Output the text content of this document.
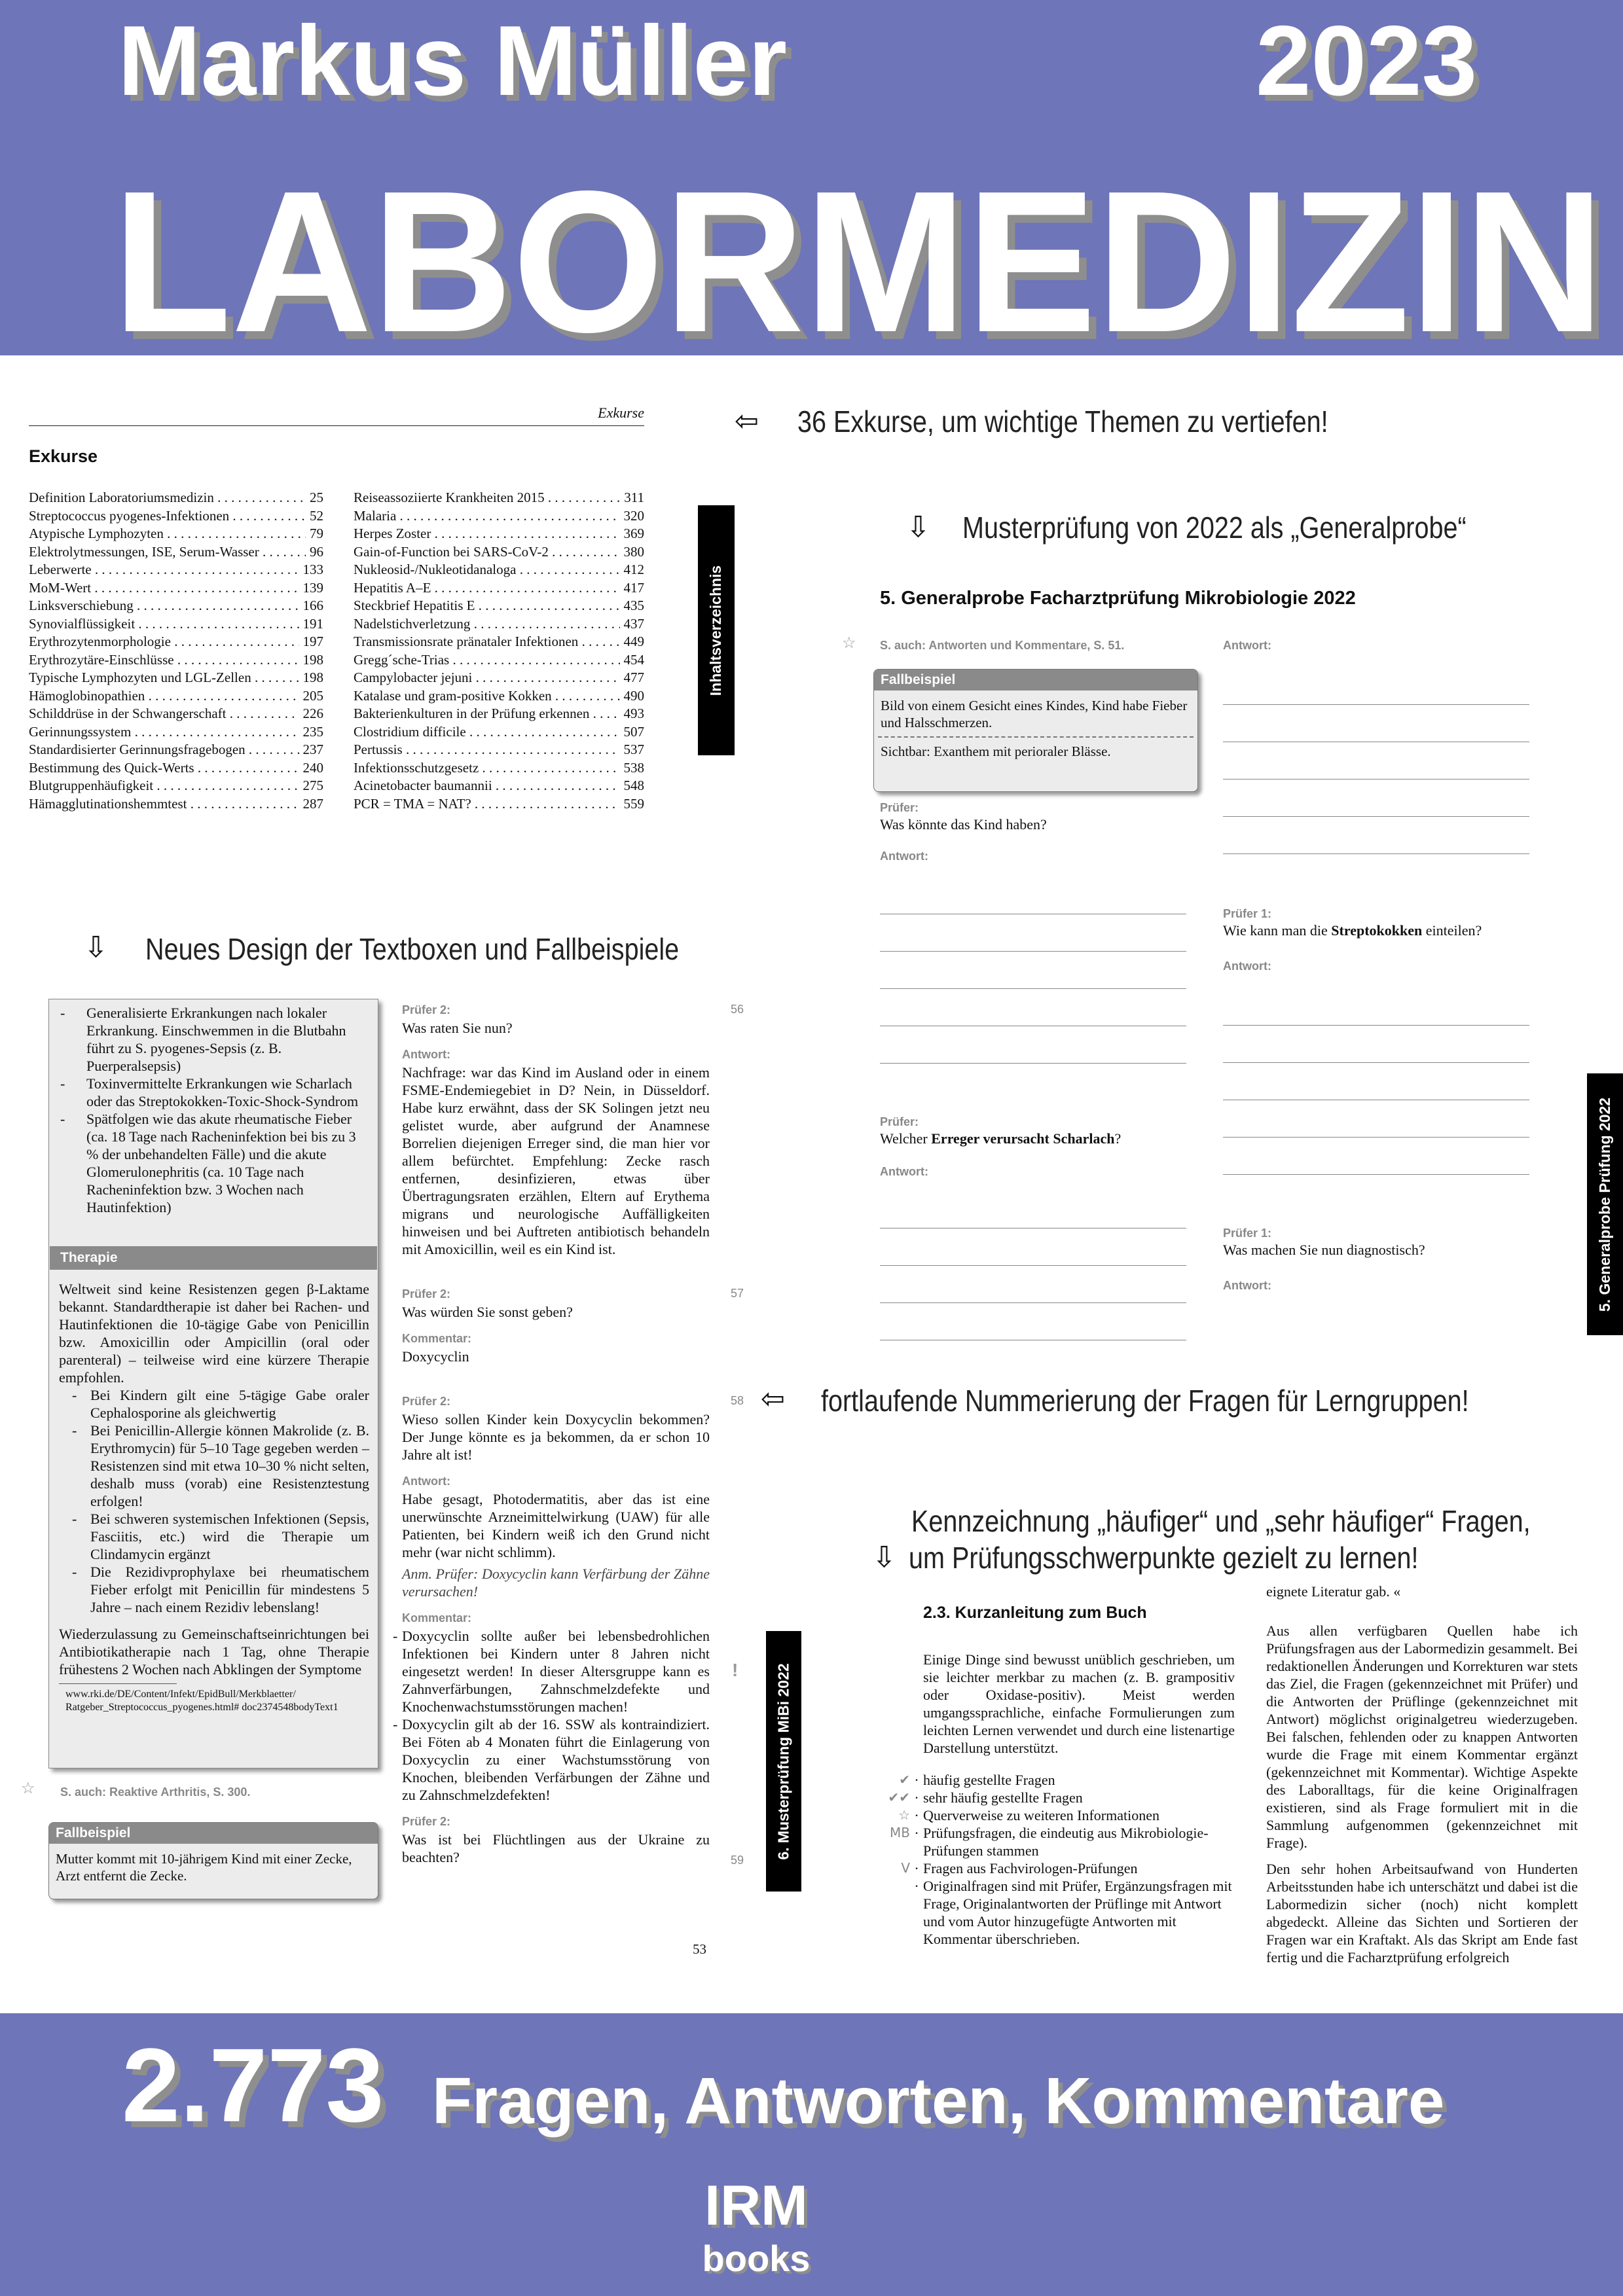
Markus Müller	2023
LABORMEDIZIN
Exkurse
Exkurse
Definition Laboratoriumsmedizin . . .	25
Streptococcus pyogenes-Infektionen . . .	52
Atypische Lymphozyten . . .	79
Elektrolytmessungen, ISE, Serum-Wasser . . .	96
Leberwerte . . .	133
MoM-Wert . . .	139
Linksverschiebung . . .	166
Synovialflüssigkeit . . .	191
Erythrozytenmorphologie . . .	197
Erythrozytäre-Einschlüsse . . .	198
Typische Lymphozyten und LGL-Zellen . . .	198
Hämoglobinopathien . . .	205
Schilddrüse in der Schwangerschaft . . .	226
Gerinnungssystem . . .	235
Standardisierter Gerinnungsfragebogen . . .	237
Bestimmung des Quick-Werts . . .	240
Blutgruppenhäufigkeit . . .	275
Hämagglutinationshemmtest . . .	287
Reiseassoziierte Krankheiten 2015 . . .	311
Malaria . . .	320
Herpes Zoster . . .	369
Gain-of-Function bei SARS-CoV-2 . . .	380
Nukleosid-/Nukleotidanaloga . . .	412
Hepatitis A–E . . .	417
Steckbrief Hepatitis E . . .	435
Nadelstichverletzung . . .	437
Transmissionsrate pränataler Infektionen . . .	449
Gregg´sche-Trias . . .	454
Campylobacter jejuni . . .	477
Katalase und gram-positive Kokken . . .	490
Bakterienkulturen in der Prüfung erkennen . . .	493
Clostridium difficile . . .	507
Pertussis . . .	537
Infektionsschutzgesetz . . .	538
Acinetobacter baumannii . . .	548
PCR = TMA = NAT? . . .	559
Inhaltsverzeichnis
⇦ 36 Exkurse, um wichtige Themen zu vertiefen!
⇩ Musterprüfung von 2022 als „Generalprobe“
5. Generalprobe Facharztprüfung Mikrobiologie 2022
☆ S. auch: Antworten und Kommentare, S. 51.	Antwort:
Fallbeispiel
Bild von einem Gesicht eines Kindes, Kind habe Fieber und Halsschmerzen.
Sichtbar: Exanthem mit perioraler Blässe.
Prüfer:
Was könnte das Kind haben?
Antwort:
Prüfer 1:
Wie kann man die Streptokokken einteilen?
Antwort:
Prüfer:
Welcher Erreger verursacht Scharlach?
Antwort:
Prüfer 1:
Was machen Sie nun diagnostisch?
Antwort:	5. Generalprobe Prüfung 2022
⇩ Neues Design der Textboxen und Fallbeispiele
-	Generalisierte Erkrankungen nach lokaler Erkrankung. Einschwemmen in die Blutbahn führt zu S. pyogenes-Sepsis (z. B. Puerperalsepsis)
-	Toxinvermittelte Erkrankungen wie Scharlach oder das Streptokokken-Toxic-Shock-Syndrom
-	Spätfolgen wie das akute rheumatische Fieber (ca. 18 Tage nach Racheninfektion bei bis zu 3 % der unbehandelten Fälle) und die akute Glomerulonephritis (ca. 10 Tage nach Racheninfektion bzw. 3 Wochen nach Hautinfektion)
Therapie
Weltweit sind keine Resistenzen gegen β-Laktame bekannt. Standardtherapie ist daher bei Rachen- und Hautinfektionen die 10-tägige Gabe von Penicillin bzw. Amoxicillin oder Ampicillin (oral oder parenteral) – teilweise wird eine kürzere Therapie empfohlen.
- Bei Kindern gilt eine 5-tägige Gabe oraler Cephalosporine als gleichwertig
- Bei Penicillin-Allergie können Makrolide (z. B. Erythromycin) für 5–10 Tage gegeben werden – Resistenzen sind mit etwa 10–30 % nicht selten, deshalb muss (vorab) eine Resistenztestung erfolgen!
- Bei schweren systemischen Infektionen (Sepsis, Fasciitis, etc.) wird die Therapie um Clindamycin ergänzt
- Die Rezidivprophylaxe bei rheumatischem Fieber erfolgt mit Penicillin für mindestens 5 Jahre – nach einem Rezidiv lebenslang!
Wiederzulassung zu Gemeinschaftseinrichtungen bei Antibiotikatherapie nach 1 Tag, ohne Therapie frühestens 2 Wochen nach Abklingen der Symptome
www.rki.de/DE/Content/Infekt/EpidBull/Merkblaetter/ Ratgeber_Streptococcus_pyogenes.html# doc2374548bodyText1
☆ S. auch: Reaktive Arthritis, S. 300.
Fallbeispiel
Mutter kommt mit 10-jährigem Kind mit einer Zecke, Arzt entfernt die Zecke.
56
Prüfer 2:
Was raten Sie nun?
Antwort:
Nachfrage: war das Kind im Ausland oder in einem FSME-Endemiegebiet in D? Nein, in Düsseldorf. Habe kurz erwähnt, dass der SK Solingen jetzt neu gelistet wurde, aber aufgrund der Anamnese Borrelien diejenigen Erreger sind, die man hier vor allem befürchtet. Empfehlung: Zecke rasch entfernen, desinfizieren, etwas über Übertragungsraten erzählen, Eltern auf Erythema migrans und neurologische Auffälligkeiten hinweisen und bei Auftreten antibiotisch behandeln mit Amoxicillin, weil es ein Kind ist.
57
Prüfer 2:
Was würden Sie sonst geben?
Kommentar:
Doxycyclin
58 ⇦ fortlaufende Nummerierung der Fragen für Lerngruppen!
Prüfer 2:
Wieso sollen Kinder kein Doxycyclin bekommen? Der Junge könnte es ja bekommen, da er schon 10 Jahre alt ist!
Antwort:
Habe gesagt, Photodermatitis, aber das ist eine unerwünschte Arzneimittelwirkung (UAW) für alle Patienten, bei Kindern weiß ich den Grund nicht mehr (war nicht schlimm).
Anm. Prüfer: Doxycyclin kann Verfärbung der Zähne verursachen!
Kommentar:
- Doxycyclin sollte außer bei lebensbedrohlichen Infektionen bei Kindern unter 8 Jahren nicht eingesetzt werden! In dieser Altersgruppe kann es Zahnverfärbungen, Zahnschmelzdefekte und Knochenwachstumsstörungen machen!
- Doxycyclin gilt ab der 16. SSW als kontraindiziert. Bei Föten ab 4 Monaten führt die Einlagerung von Doxycyclin zu einer Wachstumsstörung von Knochen, bleibenden Verfärbungen der Zähne und zu Zahnschmelzdefekten!
Prüfer 2:
Was ist bei Flüchtlingen aus der Ukraine zu beachten?	59
53
! 6. Musterprüfung MiBi 2022
Kennzeichnung „häufiger“ und „sehr häufiger“ Fragen,
⇩ um Prüfungsschwerpunkte gezielt zu lernen!
2.3. Kurzanleitung zum Buch
Einige Dinge sind bewusst unüblich geschrieben, um sie leichter merkbar zu machen (z. B. grampositiv oder Oxidase-positiv). Meist werden umgangssprachliche, einfache Formulierungen zum leichten Lernen verwendet und durch eine listenartige Darstellung unterstützt.
✔ · häufig gestellte Fragen
✔✔ · sehr häufig gestellte Fragen
☆ · Querverweise zu weiteren Informationen
MB · Prüfungsfragen, die eindeutig aus Mikrobiologie-Prüfungen stammen
V · Fragen aus Fachvirologen-Prüfungen
· Originalfragen sind mit Prüfer, Ergänzungsfragen mit Frage, Originalantworten der Prüflinge mit Antwort und vom Autor hinzugefügte Antworten mit Kommentar überschrieben.
eignete Literatur gab. «
Aus allen verfügbaren Quellen habe ich Prüfungsfragen aus der Labormedizin gesammelt. Bei redaktionellen Änderungen und Korrekturen war stets das Ziel, die Fragen (gekennzeichnet mit Prüfer) und die Antworten der Prüflinge (gekennzeichnet mit Antwort) möglichst originalgetreu wiederzugeben. Bei falschen, fehlenden oder zu knappen Antworten wurde die Frage mit einem Kommentar ergänzt (gekennzeichnet mit Kommentar). Wichtige Aspekte des Laboralltags, für die keine Originalfragen existieren, sind als Frage formuliert mit in die Sammlung aufgenommen (gekennzeichnet mit Frage).
Den sehr hohen Arbeitsaufwand von Hunderten Arbeitsstunden habe ich unterschätzt und dabei ist die Labormedizin sicher (noch) nicht komplett abgedeckt. Alleine das Sichten und Sortieren der Fragen war ein Kraftakt. Als das Skript am Ende fast fertig und die Facharztprüfung erfolgreich
2.773 Fragen, Antworten, Kommentare
IRM
books
